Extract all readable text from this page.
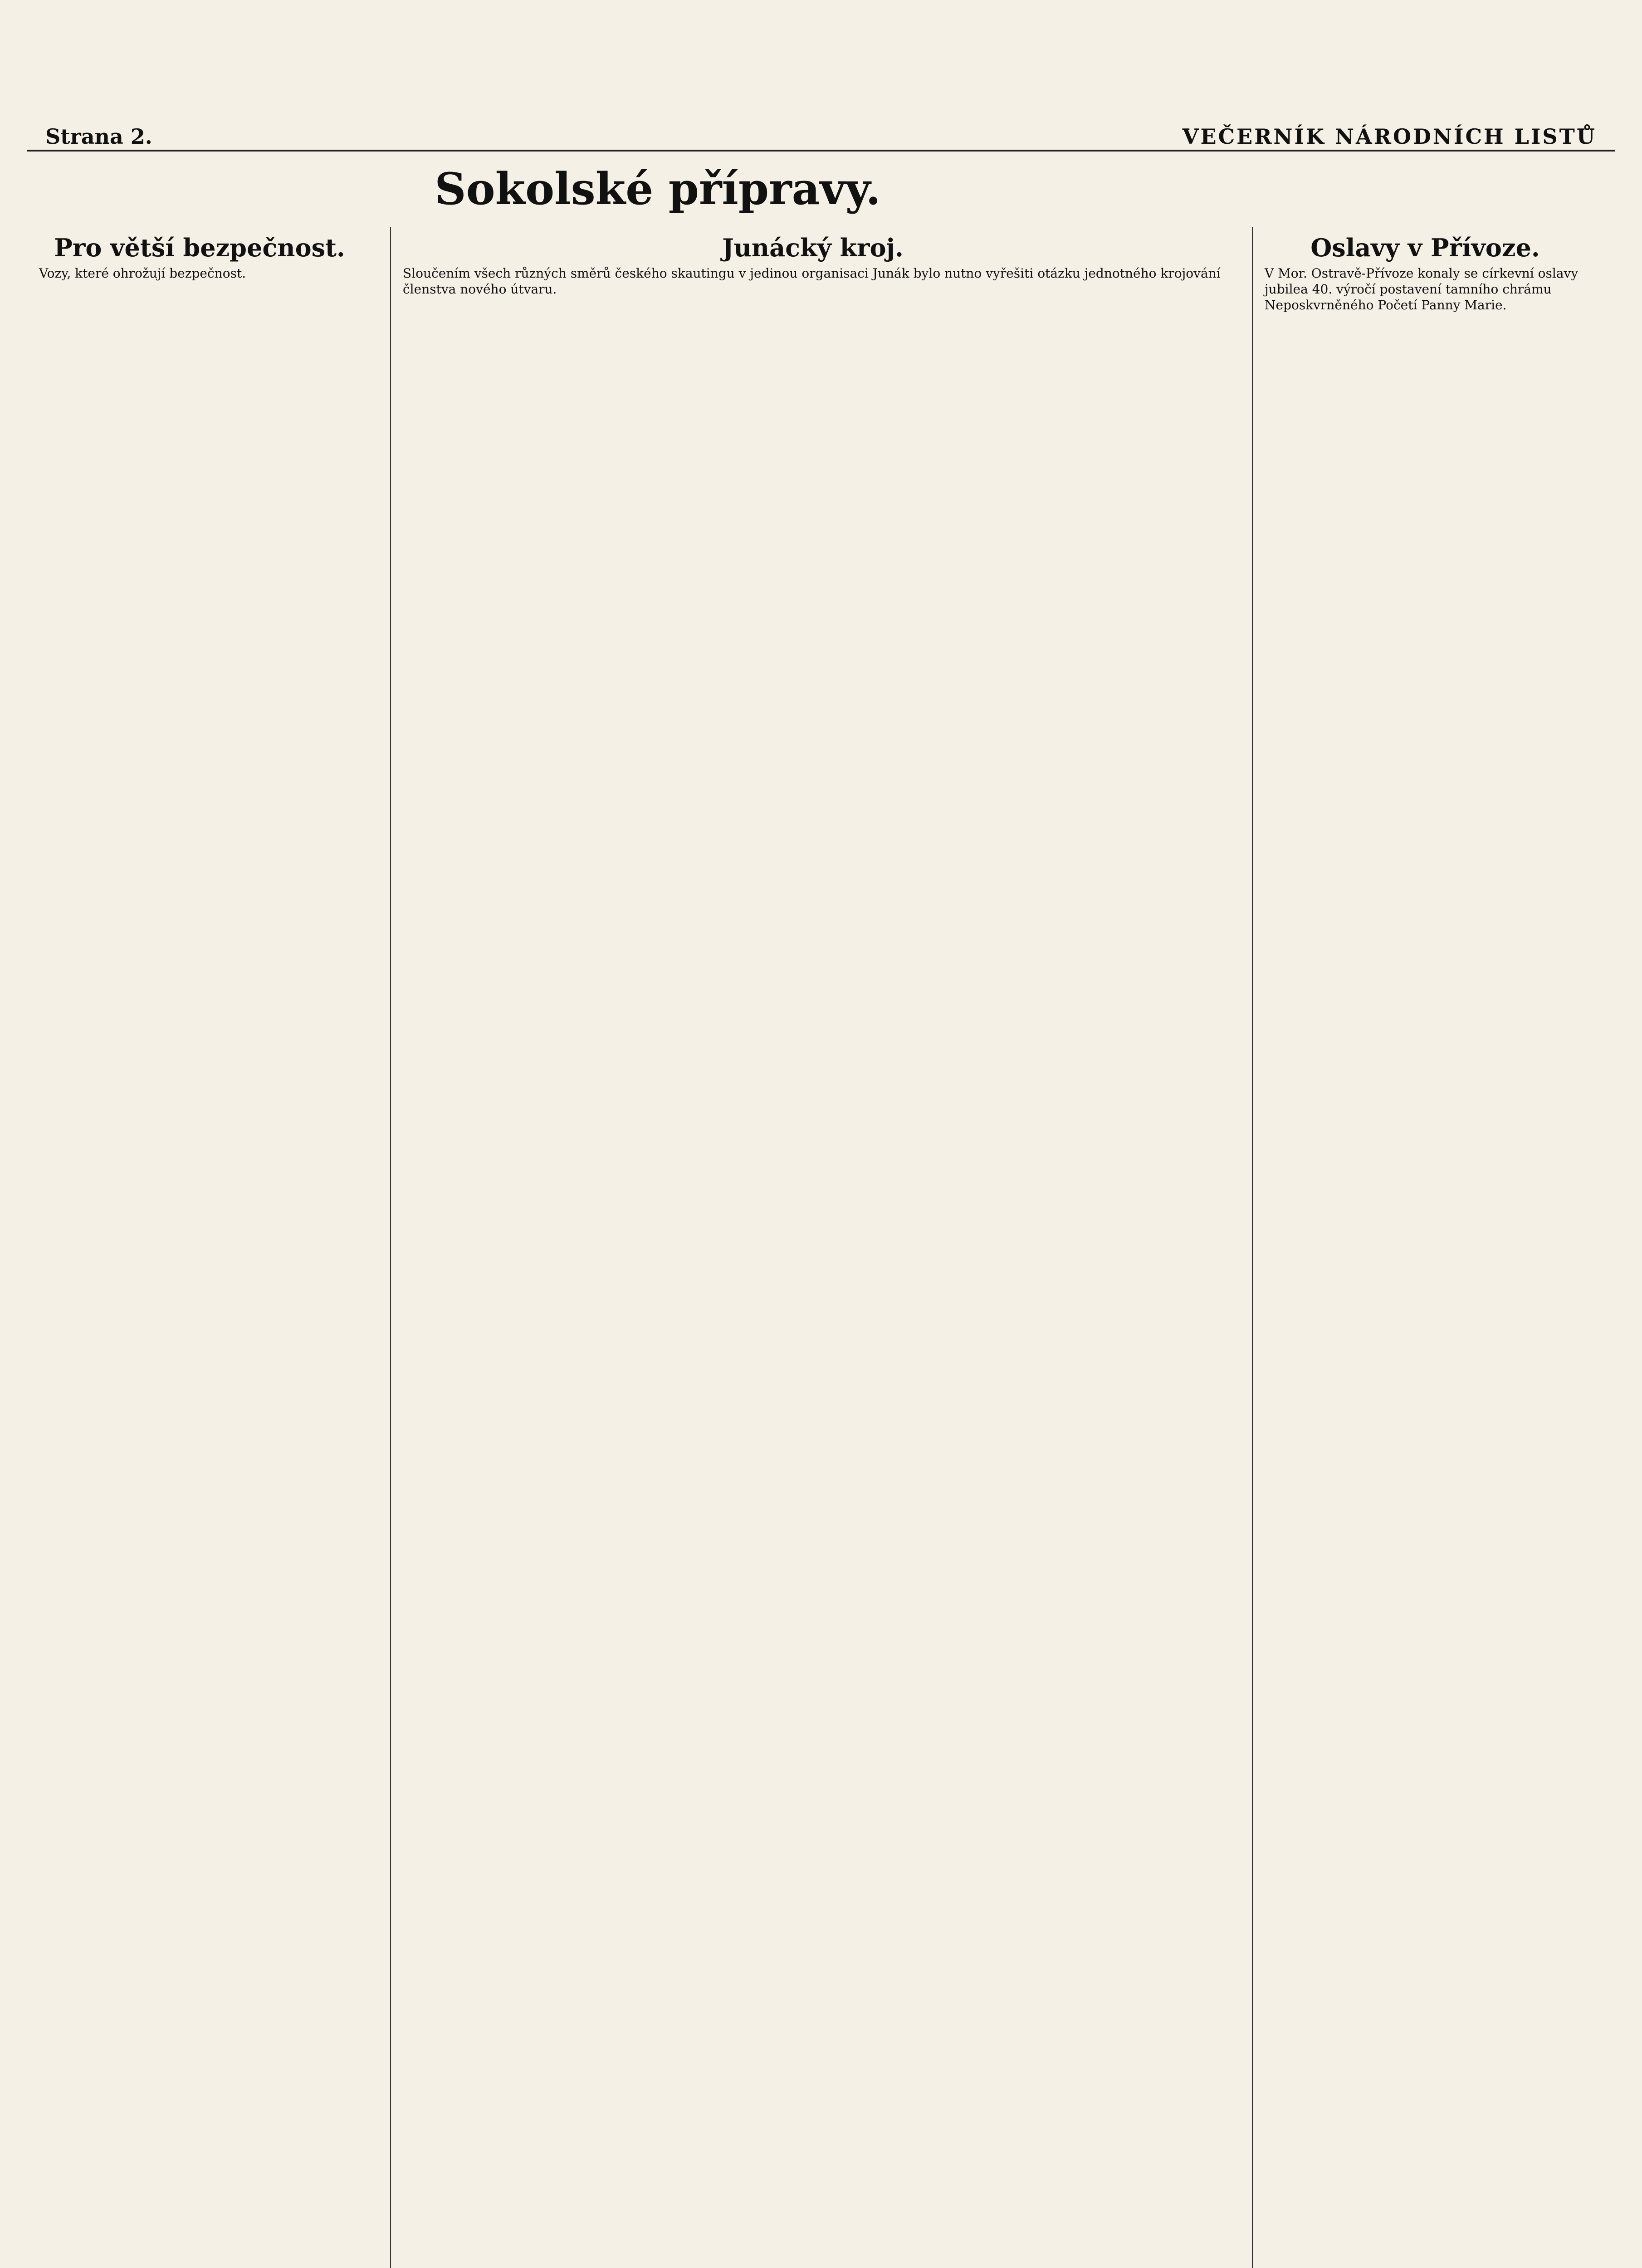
Strana 2.	VEČERNÍK NÁRODNÍCH LISTŮ
Sokolské přípravy.
Pro větší bezpečnost.
Vozy, které ohrožují bezpečnost.
Junácký kroj.
Sloučením všech různých směrů českého skautingu v jedinou organisaci Junák bylo nutno vyřešiti otázku jednotného krojování členstva nového útvaru.
Oslavy v Přívoze.
V Mor. Ostravě-Přívoze konaly se církevní oslavy jubilea 40. výročí postavení tamního chrámu Neposkvrněného Početí Panny Marie.
